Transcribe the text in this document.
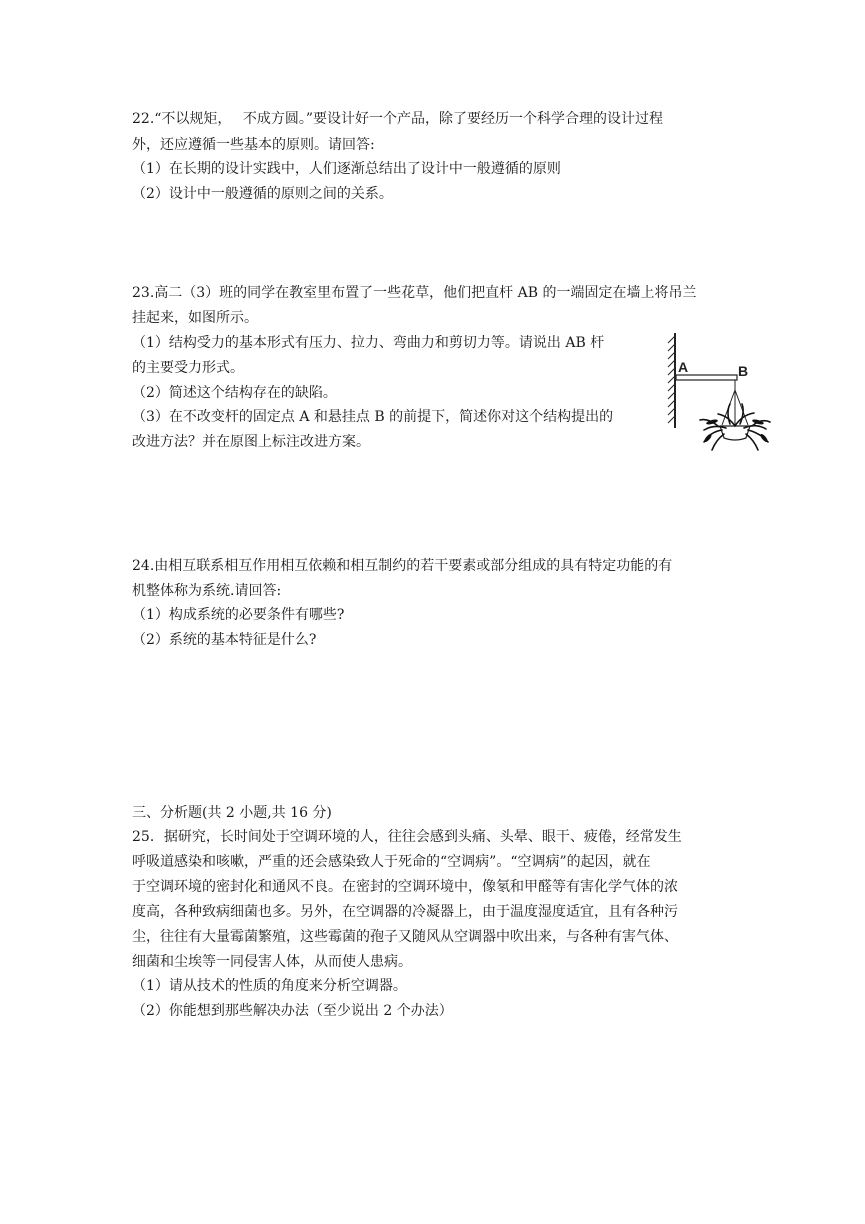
22.“不以规矩，　 不成方圆。”要设计好一个产品，除了要经历一个科学合理的设计过程
外，还应遵循一些基本的原则。请回答:
（1）在长期的设计实践中，人们逐渐总结出了设计中一般遵循的原则
（2）设计中一般遵循的原则之间的关系。
23.高二（3）班的同学在教室里布置了一些花草，他们把直杆 AB 的一端固定在墙上将吊兰
挂起来，如图所示。
（1）结构受力的基本形式有压力、拉力、弯曲力和剪切力等。请说出 AB 杆
的主要受力形式。
（2）简述这个结构存在的缺陷。
（3）在不改变杆的固定点 A 和悬挂点 B 的前提下，简述你对这个结构提出的
改进方法？并在原图上标注改进方案。
A	B
24.由相互联系相互作用相互依赖和相互制约的若干要素或部分组成的具有特定功能的有
机整体称为系统.请回答:
（1）构成系统的必要条件有哪些?
（2）系统的基本特征是什么?
三、分析题(共 2 小题,共 16 分)
25．据研究，长时间处于空调环境的人，往往会感到头痛、头晕、眼干、疲倦，经常发生
呼吸道感染和咳嗽，严重的还会感染致人于死命的“空调病”。“空调病”的起因，就在
于空调环境的密封化和通风不良。在密封的空调环境中，像氡和甲醛等有害化学气体的浓
度高，各种致病细菌也多。另外，在空调器的冷凝器上，由于温度湿度适宜，且有各种污
尘，往往有大量霉菌繁殖，这些霉菌的孢子又随风从空调器中吹出来，与各种有害气体、
细菌和尘埃等一同侵害人体，从而使人患病。
（1）请从技术的性质的角度来分析空调器。
（2）你能想到那些解决办法（至少说出 2 个办法）
